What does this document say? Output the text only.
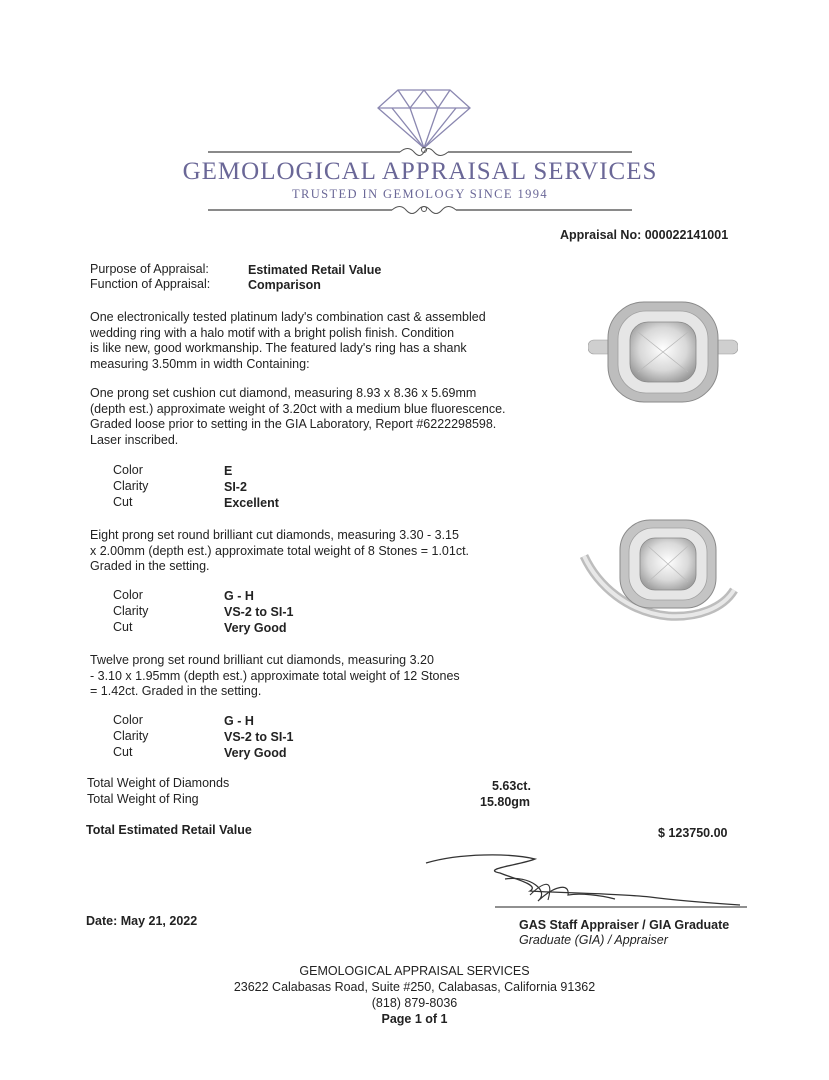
GEMOLOGICAL APPRAISAL SERVICES
TRUSTED IN GEMOLOGY SINCE 1994
Appraisal No: 000022141001
Purpose of Appraisal:	Estimated Retail Value
Function of Appraisal:	Comparison
One electronically tested platinum lady's combination cast & assembled
wedding ring with a halo motif with a bright polish finish. Condition
is like new, good workmanship. The featured lady's ring has a shank
measuring 3.50mm in width Containing:
One prong set cushion cut diamond, measuring 8.93 x 8.36 x 5.69mm
(depth est.) approximate weight of 3.20ct with a medium blue fluorescence.
Graded loose prior to setting in the GIA Laboratory, Report #6222298598.
Laser inscribed.
Color	E
Clarity	SI-2
Cut	Excellent
Eight prong set round brilliant cut diamonds, measuring 3.30 - 3.15
x 2.00mm (depth est.) approximate total weight of 8 Stones = 1.01ct.
Graded in the setting.
Color	G - H
Clarity	VS-2 to SI-1
Cut	Very Good
Twelve prong set round brilliant cut diamonds, measuring 3.20
- 3.10 x 1.95mm (depth est.) approximate total weight of 12 Stones
= 1.42ct. Graded in the setting.
Color	G - H
Clarity	VS-2 to SI-1
Cut	Very Good
Total Weight of Diamonds	5.63ct.
Total Weight of Ring	15.80gm
Total Estimated Retail Value	$ 123750.00
Date: May 21, 2022	GAS Staff Appraiser / GIA Graduate
Graduate (GIA) / Appraiser
GEMOLOGICAL APPRAISAL SERVICES
23622 Calabasas Road, Suite #250, Calabasas, California 91362
(818) 879-8036
Page 1 of 1
